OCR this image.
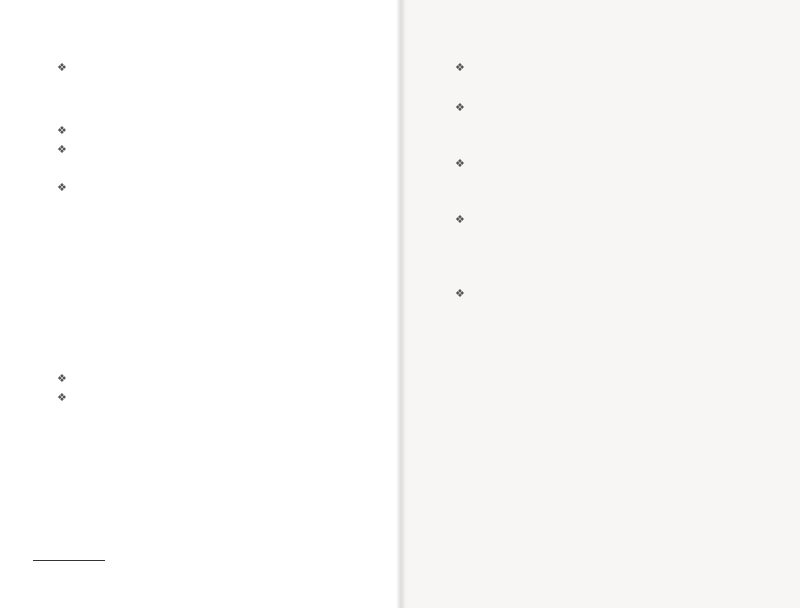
❖
❖
❖
❖
❖
❖
❖
❖
❖
❖
❖
